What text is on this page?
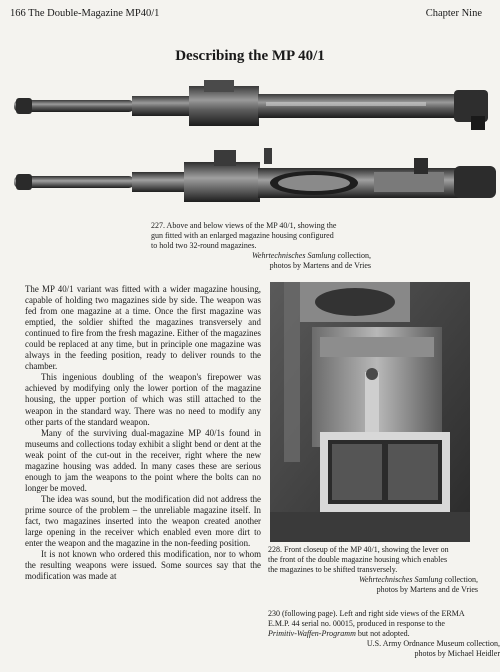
166 The Double-Magazine MP40/1	Chapter Nine
Describing the MP 40/1
227. Above and below views of the MP 40/1, showing the
gun fitted with an enlarged magazine housing configured
to hold two 32-round magazines.
Wehrtechnisches Samlung collection,
photos by Martens and de Vries

The MP 40/1 variant was fitted with a wider magazine housing, capable of holding two magazines side by side. The weapon was fed from one magazine at a time. Once the first magazine was emptied, the soldier shifted the magazines transversely and continued to fire from the fresh magazine. Either of the magazines could be replaced at any time, but in principle one magazine was always in the feeding position, ready to deliver rounds to the chamber.

This ingenious doubling of the weapon's firepower was achieved by modifying only the lower portion of the magazine housing, the upper portion of which was still attached to the weapon in the standard way. There was no need to modify any other parts of the standard weapon.

Many of the surviving dual-magazine MP 40/1s found in museums and collections today exhibit a slight bend or dent at the weak point of the cut-out in the receiver, right where the new magazine housing was added. In many cases these are serious enough to jam the weapons to the point where the bolts can no longer be moved.

The idea was sound, but the modification did not address the prime source of the problem – the unreliable magazine itself. In fact, two magazines inserted into the weapon created another large opening in the receiver which enabled even more dirt to enter the weapon and the magazine in the non-feeding position.

It is not known who ordered this modification, nor to whom the resulting weapons were issued. Some sources say that the modification was made at

228. Front closeup of the MP 40/1, showing the lever on
the front of the double magazine housing which enables
the magazines to be shifted transversely.
Wehrtechnisches Samlung collection,
photos by Martens and de Vries
230 (following page). Left and right side views of the ERMA
E.M.P. 44 serial no. 00015, produced in response to the
Primitiv-Waffen-Programm but not adopted.
U.S. Army Ordnance Museum collection,
photos by Michael Heidler
